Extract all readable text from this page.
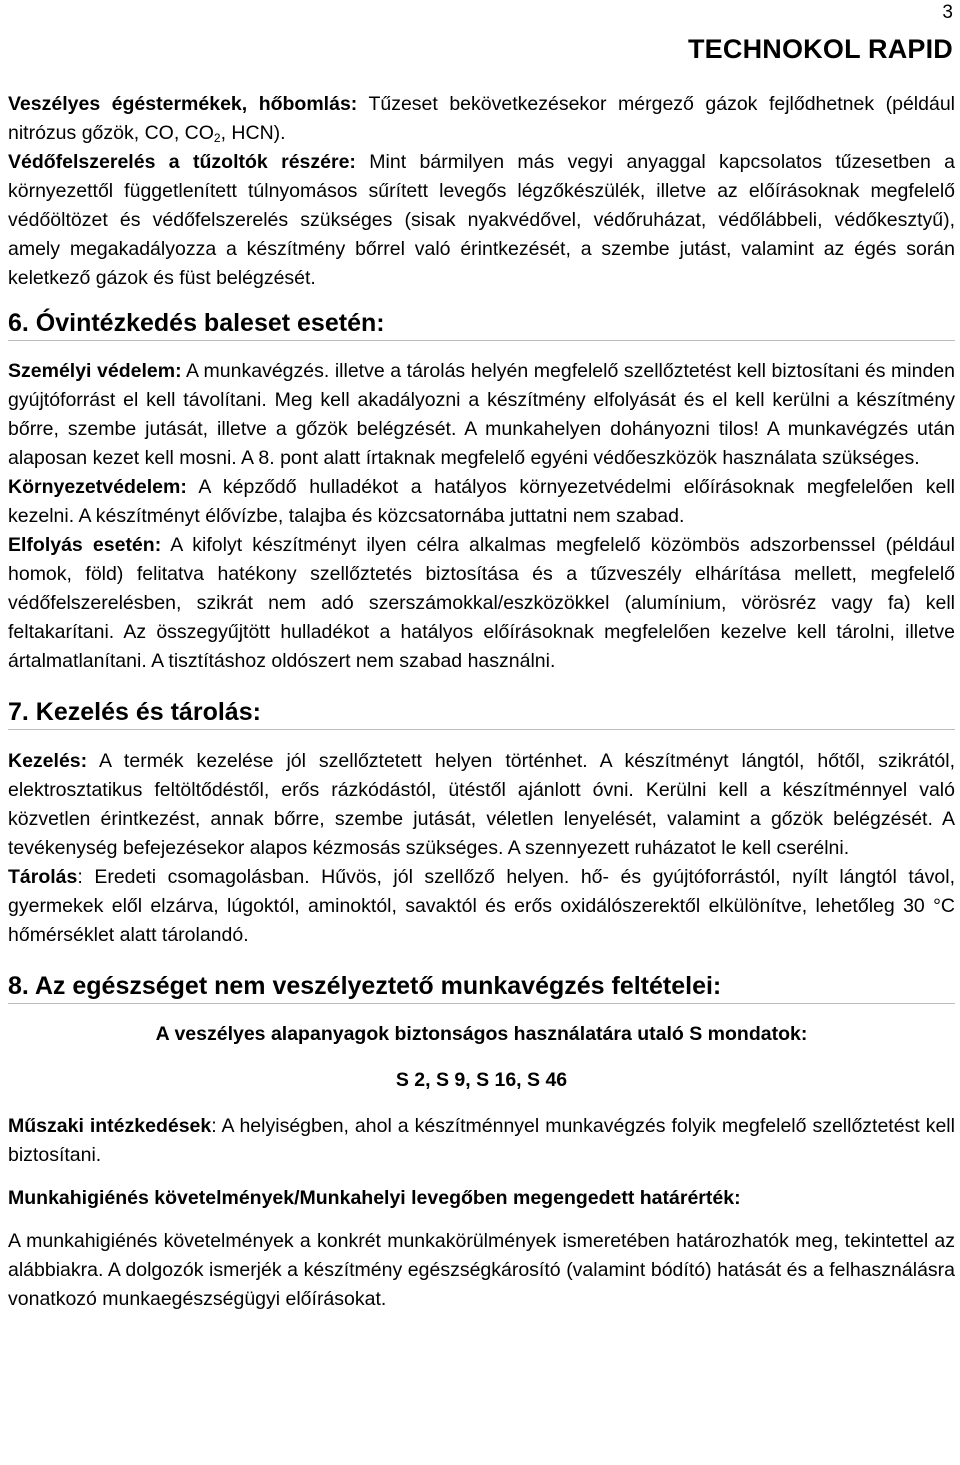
3
TECHNOKOL RAPID

Veszélyes égéstermékek, hőbomlás: Tűzeset bekövetkezésekor mérgező gázok fejlődhetnek (például nitrózus gőzök, CO, $CO_2$, HCN).

Védőfelszerelés a tűzoltók részére: Mint bármilyen más vegyi anyaggal kapcsolatos tűzesetben a környezettől függetlenített túlnyomásos sűrített levegős légzőkészülék, illetve az előírásoknak megfelelő védőöltözet és védőfelszerelés szükséges (sisak nyakvédővel, védőruházat, védőlábbeli, védőkesztyű), amely megakadályozza a készítmény bőrrel való érintkezését, a szembe jutást, valamint az égés során keletkező gázok és füst belégzését.

6. Óvintézkedés baleset esetén:

Személyi védelem: A munkavégzés. illetve a tárolás helyén megfelelő szellőztetést kell biztosítani és minden gyújtóforrást el kell távolítani. Meg kell akadályozni a készítmény elfolyását és el kell kerülni a készítmény bőrre, szembe jutását, illetve a gőzök belégzését. A munkahelyen dohányozni tilos! A munkavégzés után alaposan kezet kell mosni. A 8. pont alatt írtaknak megfelelő egyéni védőeszközök használata szükséges.

Környezetvédelem: A képződő hulladékot a hatályos környezetvédelmi előírásoknak megfelelően kell kezelni. A készítményt élővízbe, talajba és közcsatornába juttatni nem szabad.

Elfolyás esetén: A kifolyt készítményt ilyen célra alkalmas megfelelő közömbös adszorbenssel (például homok, föld) felitatva hatékony szellőztetés biztosítása és a tűzveszély elhárítása mellett, megfelelő védőfelszerelésben, szikrát nem adó szerszámokkal/eszközökkel (alumínium, vörösréz vagy fa) kell feltakarítani. Az összegyűjtött hulladékot a hatályos előírásoknak megfelelően kezelve kell tárolni, illetve ártalmatlanítani. A tisztításhoz oldószert nem szabad használni.

7. Kezelés és tárolás:

Kezelés: A termék kezelése jól szellőztetett helyen történhet. A készítményt lángtól, hőtől, szikrától, elektrosztatikus feltöltődéstől, erős rázkódástól, ütéstől ajánlott óvni. Kerülni kell a készítménnyel való közvetlen érintkezést, annak bőrre, szembe jutását, véletlen lenyelését, valamint a gőzök belégzését. A tevékenység befejezésekor alapos kézmosás szükséges. A szennyezett ruházatot le kell cserélni.

Tárolás: Eredeti csomagolásban. Hűvös, jól szellőző helyen. hő- és gyújtóforrástól, nyílt lángtól távol, gyermekek elől elzárva, lúgoktól, aminoktól, savaktól és erős oxidálószerektől elkülönítve, lehetőleg 30 °C hőmérséklet alatt tárolandó.

8. Az egészséget nem veszélyeztető munkavégzés feltételei:

A veszélyes alapanyagok biztonságos használatára utaló S mondatok:

S 2, S 9, S 16, S 46

Műszaki intézkedések: A helyiségben, ahol a készítménnyel munkavégzés folyik megfelelő szellőztetést kell biztosítani.

Munkahigiénés követelmények/Munkahelyi levegőben megengedett határérték:

A munkahigiénés követelmények a konkrét munkakörülmények ismeretében határozhatók meg, tekintettel az alábbiakra. A dolgozók ismerjék a készítmény egészségkárosító (valamint bódító) hatását és a felhasználásra vonatkozó munkaegészségügyi előírásokat.
